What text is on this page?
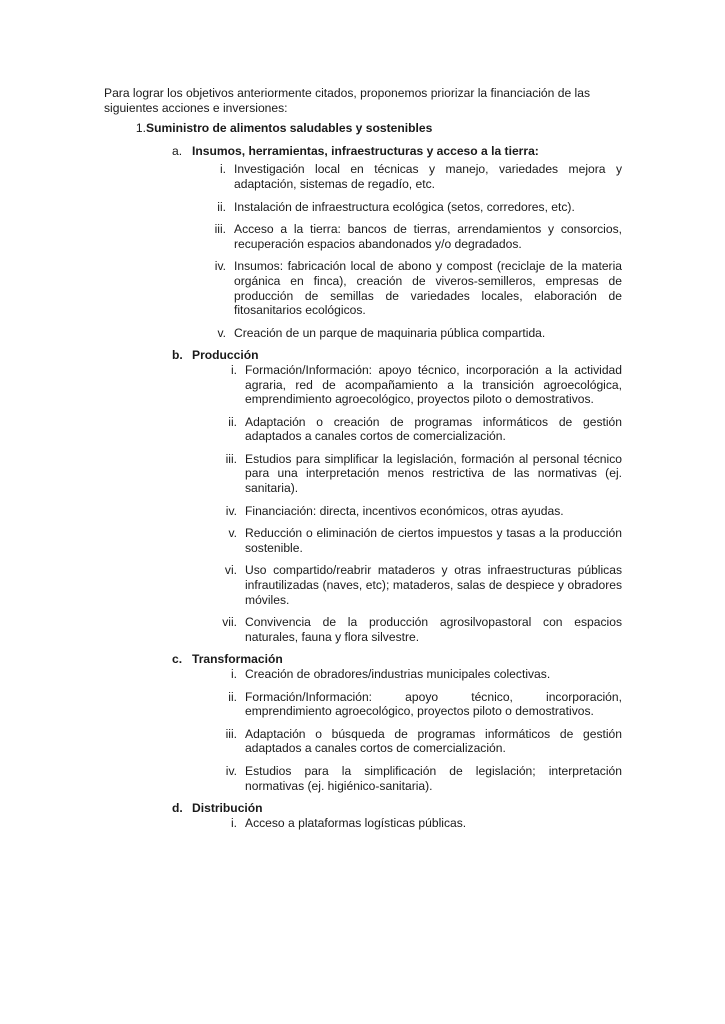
Para lograr los objetivos anteriormente citados, proponemos priorizar la financiación de las siguientes acciones e inversiones:

1. Suministro de alimentos saludables y sostenibles
a. Insumos, herramientas, infraestructuras y acceso a la tierra:
i. Investigación local en técnicas y manejo, variedades mejora y adaptación, sistemas de regadío, etc.
ii. Instalación de infraestructura ecológica (setos, corredores, etc).
iii. Acceso a la tierra: bancos de tierras, arrendamientos y consorcios, recuperación espacios abandonados y/o degradados.
iv. Insumos: fabricación local de abono y compost (reciclaje de la materia orgánica en finca), creación de viveros-semilleros, empresas de producción de semillas de variedades locales, elaboración de fitosanitarios ecológicos.
v. Creación de un parque de maquinaria pública compartida.
b. Producción
i. Formación/Información: apoyo técnico, incorporación a la actividad agraria, red de acompañamiento a la transición agroecológica, emprendimiento agroecológico, proyectos piloto o demostrativos.
ii. Adaptación o creación de programas informáticos de gestión adaptados a canales cortos de comercialización.
iii. Estudios para simplificar la legislación, formación al personal técnico para una interpretación menos restrictiva de las normativas (ej. sanitaria).
iv. Financiación: directa, incentivos económicos, otras ayudas.
v. Reducción o eliminación de ciertos impuestos y tasas a la producción sostenible.
vi. Uso compartido/reabrir mataderos y otras infraestructuras públicas infrautilizadas (naves, etc); mataderos, salas de despiece y obradores móviles.
vii. Convivencia de la producción agrosilvopastoral con espacios naturales, fauna y flora silvestre.
c. Transformación
i. Creación de obradores/industrias municipales colectivas.
ii. Formación/Información: apoyo técnico, incorporación, emprendimiento agroecológico, proyectos piloto o demostrativos.
iii. Adaptación o búsqueda de programas informáticos de gestión adaptados a canales cortos de comercialización.
iv. Estudios para la simplificación de legislación; interpretación normativas (ej. higiénico-sanitaria).
d. Distribución
i. Acceso a plataformas logísticas públicas.
